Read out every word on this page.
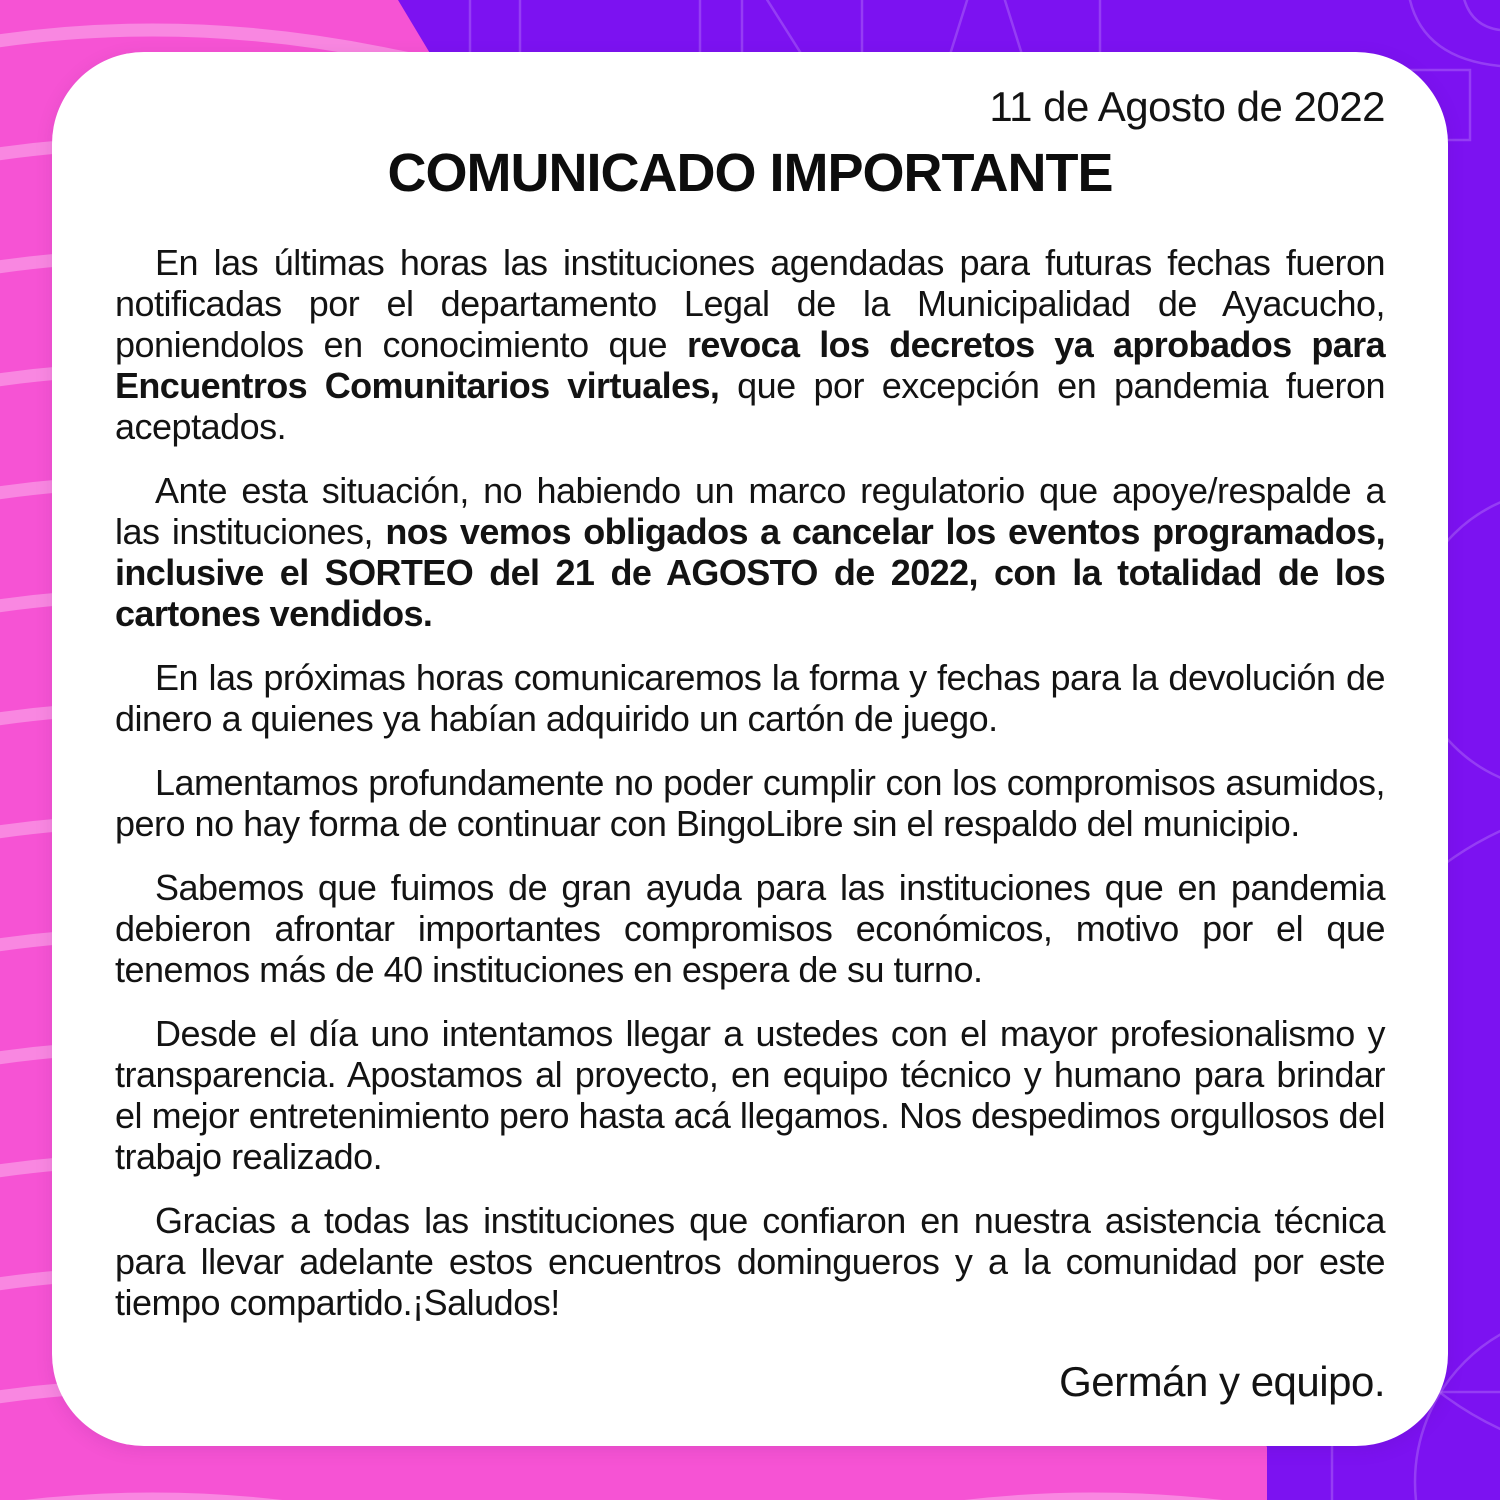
11 de Agosto de 2022
COMUNICADO IMPORTANTE

En las últimas horas las instituciones agendadas para futuras fechas fueron notificadas por el departamento Legal de la Municipalidad de Ayacucho, poniendolos en conocimiento que revoca los decretos ya aprobados para Encuentros Comunitarios virtuales, que por excepción en pandemia fueron aceptados.

Ante esta situación, no habiendo un marco regulatorio que apoye/respalde a las instituciones, nos vemos obligados a cancelar los eventos programados, inclusive el SORTEO del 21 de AGOSTO de 2022, con la totalidad de los cartones vendidos.

En las próximas horas comunicaremos la forma y fechas para la devolución de dinero a quienes ya habían adquirido un cartón de juego.

Lamentamos profundamente no poder cumplir con los compromisos asumidos, pero no hay forma de continuar con BingoLibre sin el respaldo del municipio.

Sabemos que fuimos de gran ayuda para las instituciones que en pandemia debieron afrontar importantes compromisos económicos, motivo por el que tenemos más de 40 instituciones en espera de su turno.

Desde el día uno intentamos llegar a ustedes con el mayor profesionalismo y transparencia. Apostamos al proyecto, en equipo técnico y humano para brindar el mejor entretenimiento pero hasta acá llegamos. Nos despedimos orgullosos del trabajo realizado.

Gracias a todas las instituciones que confiaron en nuestra asistencia técnica para llevar adelante estos encuentros domingueros y a la comunidad por este tiempo compartido.¡Saludos!

Germán y equipo.
